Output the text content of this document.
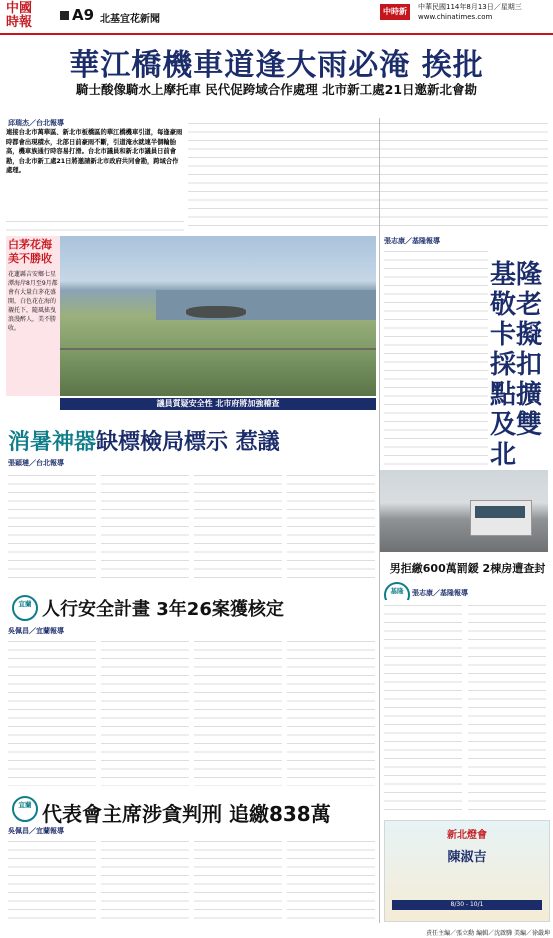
中國
時報	A9 北基宜花新聞
中時新聞網
中華民國114年8月13日／星期三
www.chinatimes.com
華江橋機車道逢大雨必淹 挨批
騎士酸像騎水上摩托車 民代促跨域合作處理 北市新工處21日邀新北會勘
邱瑞杰／台北報導
連接台北市萬華區、新北市板橋區的華江橋機車引道，每逢豪雨時都會出現積水，北部日前豪雨不斷，引道淹水就連半個輪胎高，機車族通行時容易打滑。台北市議員和新北市議員日前會勘，台北市新工處21日將邀請新北市政府共同會勘，跨域合作處理。
白茅花海美不勝收
花蓮縣吉安鄉七星潭海岸8月至9月都會有大量白茅花盛開，白色花在海的襯托下，隨風搖曳浪漫醉人，美不勝收。
議員質疑安全性 北市府將加強稽查
消暑神器缺標檢局標示 惹議
張穎璉／台北報導
宜蘭 人行安全計畫 3年26案獲核定
吳佩昌／宜蘭報導
宜蘭 代表會主席涉貪判刑 追繳838萬
吳佩昌／宜蘭報導
張志康／基隆報導
基隆敬老卡擬採扣點擴及雙北
男拒繳600萬罰鍰 2棟房遭查封
基隆	張志康／基隆報導
新北燈會
陳淑吉
8/30 - 10/1
責任主編／張立勳 編輯／沈啟驊 美編／徐嚴坤
